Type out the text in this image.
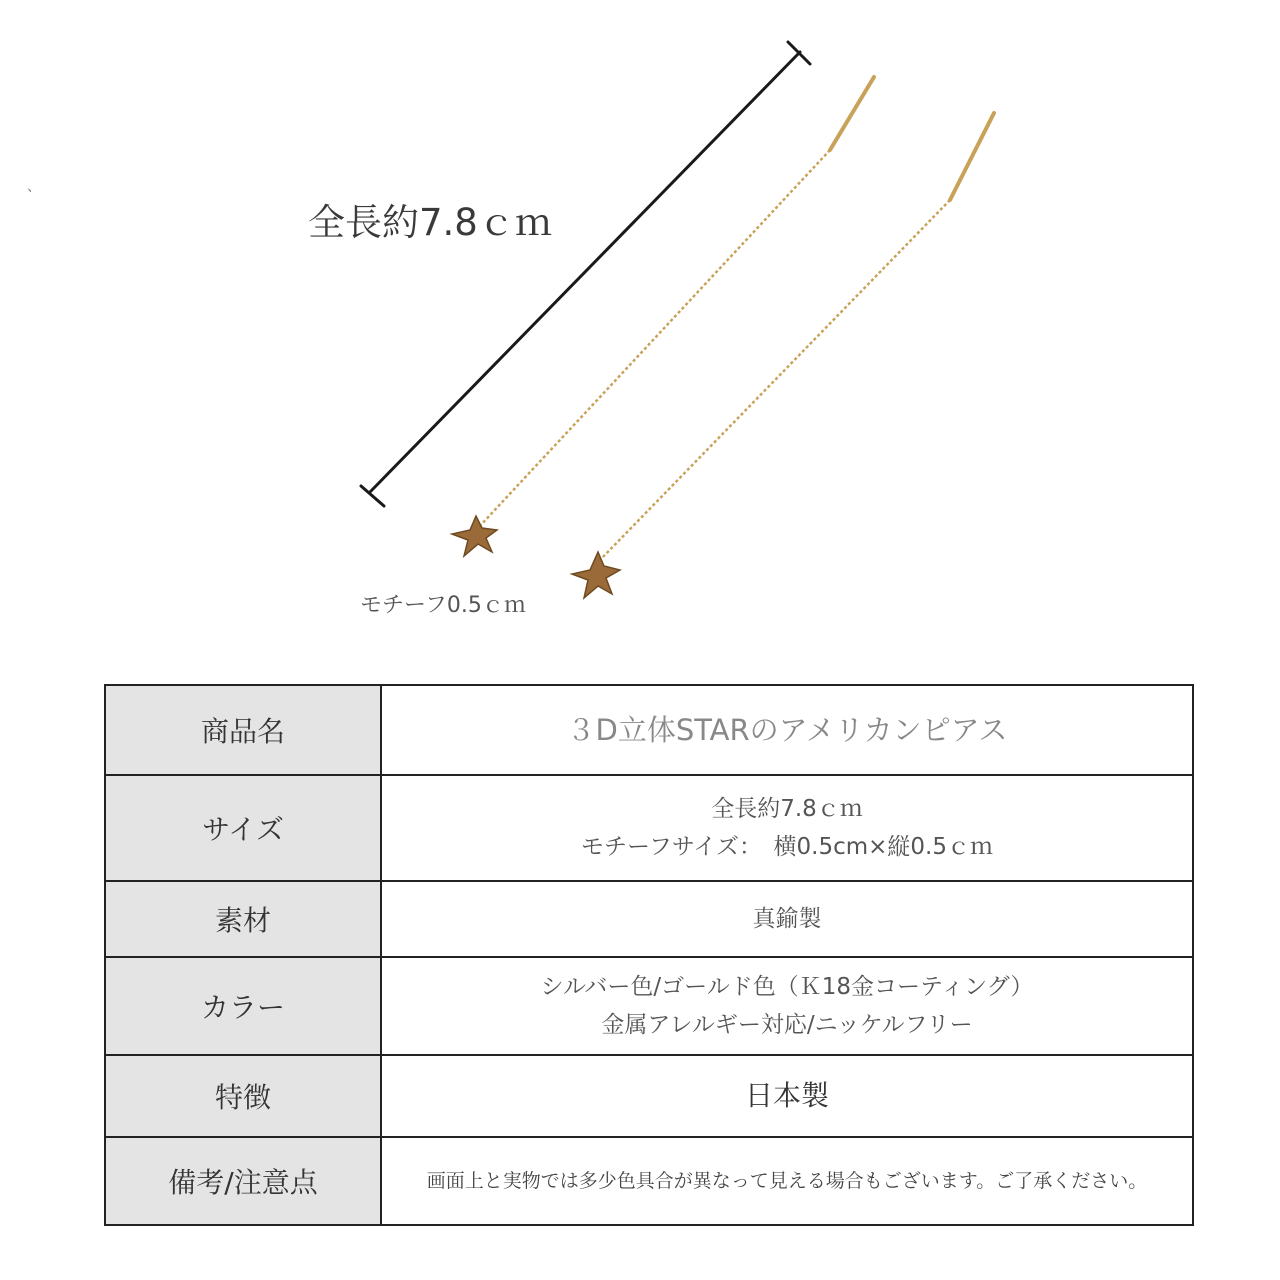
、
全長約7.8ｃｍ
モチーフ0.5ｃｍ
商品名	３D立体STARのアメリカンピアス

サイズ	全長約7.8ｃｍ
モチーフサイズ：　横0.5cm×縦0.5ｃｍ

素材	真鍮製

カラー	シルバー色/ゴールド色（Ｋ18金コーティング）
金属アレルギー対応/ニッケルフリー

特徴	日本製

備考/注意点	画面上と実物では多少色具合が異なって見える場合もございます。ご了承ください。
